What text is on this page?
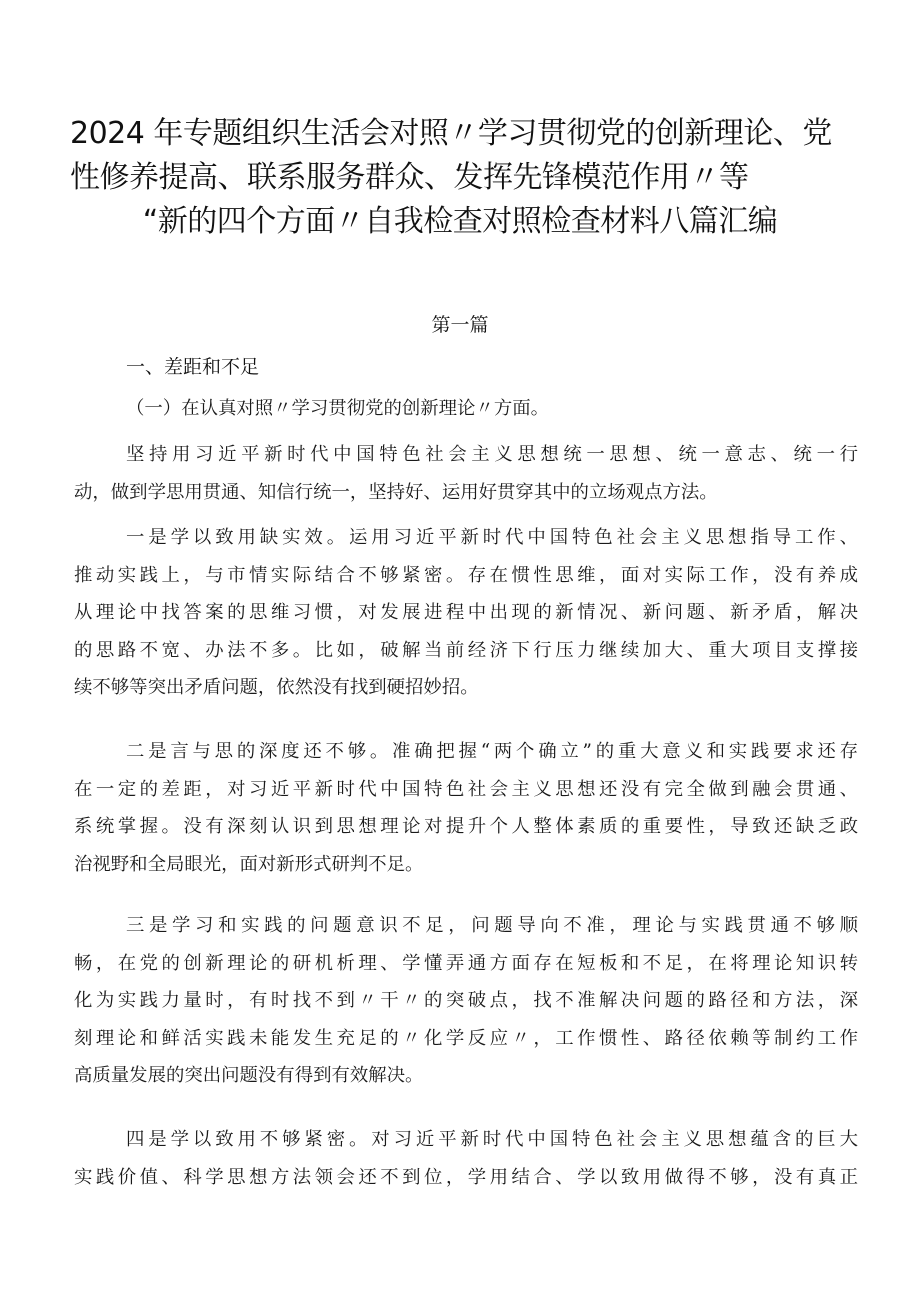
2024 年专题组织生活会对照〃学习贯彻党的创新理论、党
性修养提高、联系服务群众、发挥先锋模范作用〃等
“新的四个方面〃自我检查对照检查材料八篇汇编
第一篇
一、差距和不足
（一）在认真对照〃学习贯彻党的创新理论〃方面。
坚持用习近平新时代中国特色社会主义思想统一思想、统一意志、统一行
动，做到学思用贯通、知信行统一，坚持好、运用好贯穿其中的立场观点方法。
一是学以致用缺实效。运用习近平新时代中国特色社会主义思想指导工作、
推动实践上，与市情实际结合不够紧密。存在惯性思维，面对实际工作，没有养成
从理论中找答案的思维习惯，对发展进程中出现的新情况、新问题、新矛盾，解决
的思路不宽、办法不多。比如，破解当前经济下行压力继续加大、重大项目支撑接
续不够等突出矛盾问题，依然没有找到硬招妙招。
二是言与思的深度还不够。准确把握“两个确立”的重大意义和实践要求还存
在一定的差距，对习近平新时代中国特色社会主义思想还没有完全做到融会贯通、
系统掌握。没有深刻认识到思想理论对提升个人整体素质的重要性，导致还缺乏政
治视野和全局眼光，面对新形式研判不足。
三是学习和实践的问题意识不足，问题导向不准，理论与实践贯通不够顺
畅，在党的创新理论的研机析理、学懂弄通方面存在短板和不足，在将理论知识转
化为实践力量时，有时找不到〃干〃的突破点，找不准解决问题的路径和方法，深
刻理论和鲜活实践未能发生充足的〃化学反应〃，工作惯性、路径依赖等制约工作
高质量发展的突出问题没有得到有效解决。
四是学以致用不够紧密。对习近平新时代中国特色社会主义思想蕴含的巨大
实践价值、科学思想方法领会还不到位，学用结合、学以致用做得不够，没有真正
